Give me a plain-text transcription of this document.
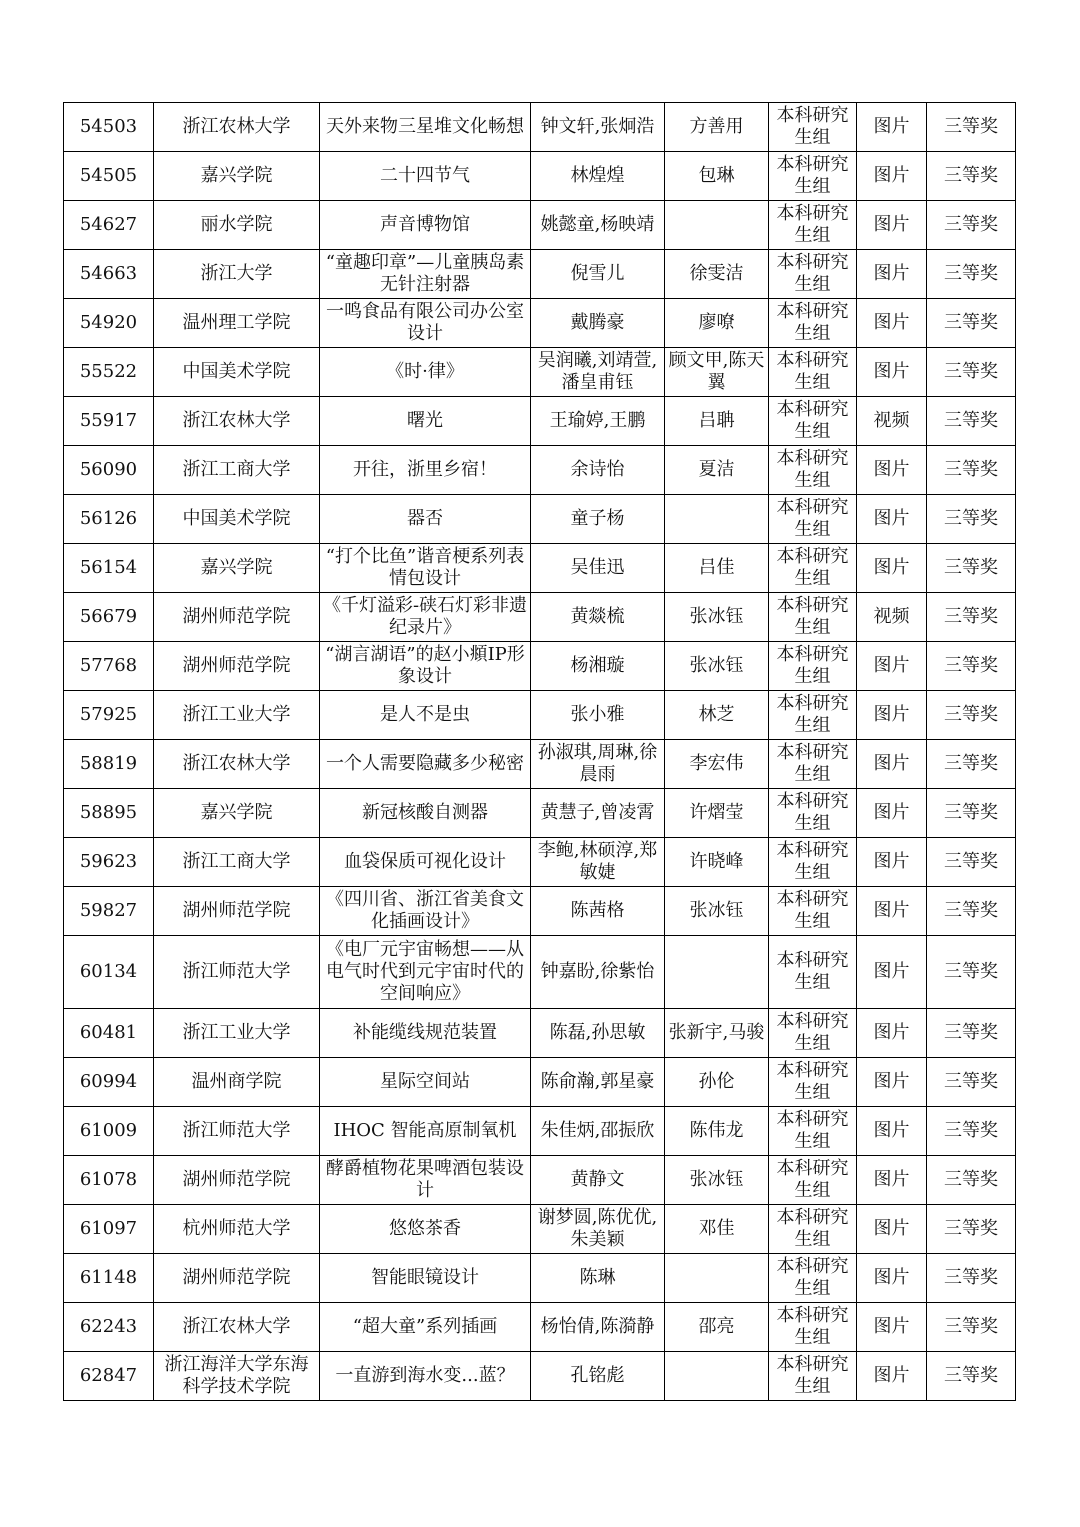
54503	浙江农林大学	天外来物三星堆文化畅想	钟文轩,张炯浩	方善用	本科研究生组	图片	三等奖
54505	嘉兴学院	二十四节气	林煌煌	包琳	本科研究生组	图片	三等奖
54627	丽水学院	声音博物馆	姚懿童,杨映靖		本科研究生组	图片	三等奖
54663	浙江大学	“童趣印章”—儿童胰岛素无针注射器	倪雪儿	徐雯洁	本科研究生组	图片	三等奖
54920	温州理工学院	一鸣食品有限公司办公室设计	戴腾豪	廖嘹	本科研究生组	图片	三等奖
55522	中国美术学院	《时·律》	吴润曦,刘靖萱,潘皇甫钰	顾文甲,陈天翼	本科研究生组	图片	三等奖
55917	浙江农林大学	曙光	王瑜婷,王鹏	吕聃	本科研究生组	视频	三等奖
56090	浙江工商大学	开往，浙里乡宿！	余诗怡	夏洁	本科研究生组	图片	三等奖
56126	中国美术学院	器否	童子杨		本科研究生组	图片	三等奖
56154	嘉兴学院	“打个比鱼”谐音梗系列表情包设计	吴佳迅	吕佳	本科研究生组	图片	三等奖
56679	湖州师范学院	《千灯溢彩-硖石灯彩非遗纪录片》	黄燚梳	张冰钰	本科研究生组	视频	三等奖
57768	湖州师范学院	“湖言湖语”的赵小頫IP形象设计	杨湘璇	张冰钰	本科研究生组	图片	三等奖
57925	浙江工业大学	是人不是虫	张小雅	林芝	本科研究生组	图片	三等奖
58819	浙江农林大学	一个人需要隐藏多少秘密	孙淑琪,周琳,徐晨雨	李宏伟	本科研究生组	图片	三等奖
58895	嘉兴学院	新冠核酸自测器	黄慧子,曾凌霄	许熠莹	本科研究生组	图片	三等奖
59623	浙江工商大学	血袋保质可视化设计	李鲍,林硕淳,郑敏婕	许晓峰	本科研究生组	图片	三等奖
59827	湖州师范学院	《四川省、浙江省美食文化插画设计》	陈茜格	张冰钰	本科研究生组	图片	三等奖
60134	浙江师范大学	《电厂元宇宙畅想——从电气时代到元宇宙时代的空间响应》	钟嘉盼,徐紫怡		本科研究生组	图片	三等奖
60481	浙江工业大学	补能缆线规范装置	陈磊,孙思敏	张新宇,马骏	本科研究生组	图片	三等奖
60994	温州商学院	星际空间站	陈俞瀚,郭星豪	孙伦	本科研究生组	图片	三等奖
61009	浙江师范大学	IHOC 智能高原制氧机	朱佳炳,邵振欣	陈伟龙	本科研究生组	图片	三等奖
61078	湖州师范学院	酵爵植物花果啤酒包装设计	黄静文	张冰钰	本科研究生组	图片	三等奖
61097	杭州师范大学	悠悠茶香	谢梦圆,陈优优,朱美颖	邓佳	本科研究生组	图片	三等奖
61148	湖州师范学院	智能眼镜设计	陈琳		本科研究生组	图片	三等奖
62243	浙江农林大学	“超大童”系列插画	杨怡倩,陈漪静	邵亮	本科研究生组	图片	三等奖
62847	浙江海洋大学东海科学技术学院	一直游到海水变...蓝？	孔铭彪		本科研究生组	图片	三等奖
